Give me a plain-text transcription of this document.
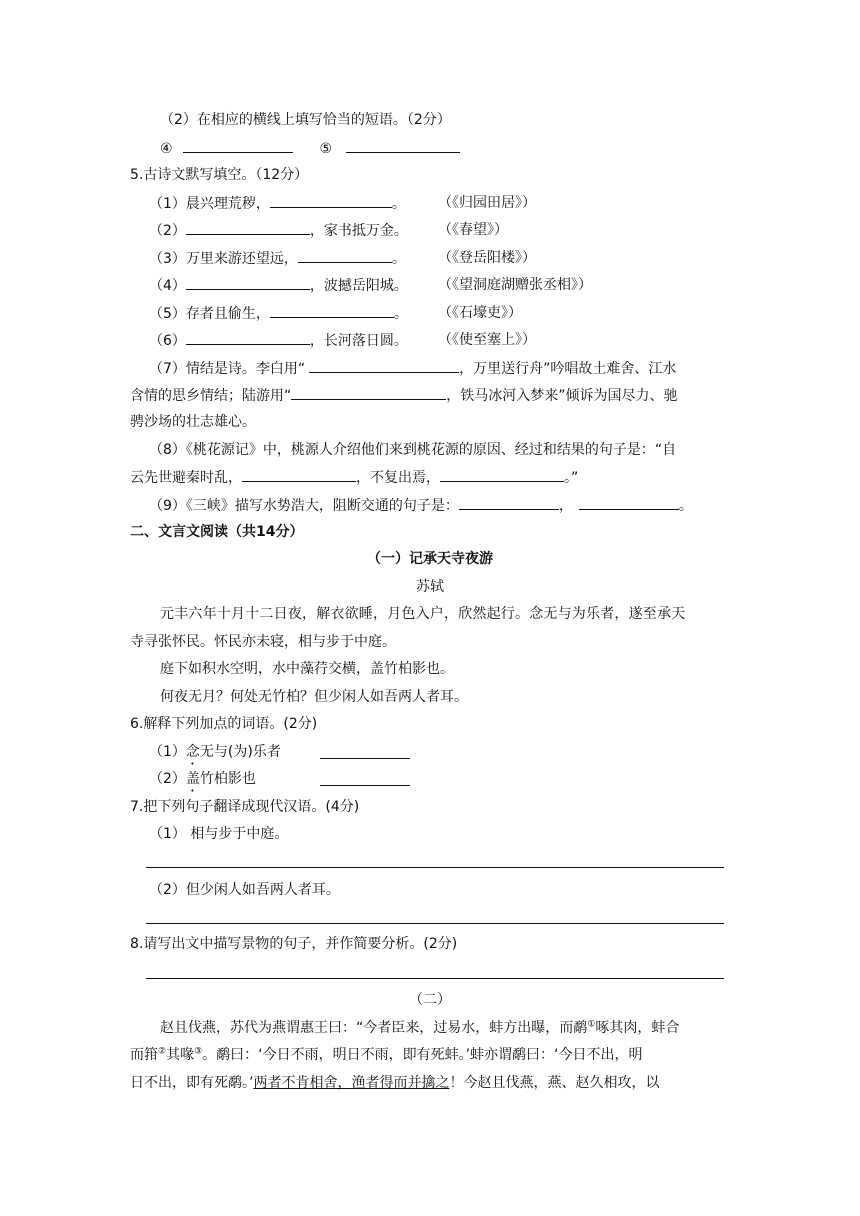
（2）在相应的横线上填写恰当的短语。（2分）
④	⑤
5.古诗文默写填空。（12分）
（1）晨兴理荒秽，	。 （《归园田居》）
（2）	，家书抵万金。 （《春望》）
（3）万里来游还望远，	。 （《登岳阳楼》）
（4）	，波撼岳阳城。 （《望洞庭湖赠张丞相》）
（5）存者且偷生，	。 （《石壕吏》）
（6）	，长河落日圆。 （《使至塞上》）
（7）情结是诗。李白用“	，万里送行舟”吟唱故土难舍、江水
含情的思乡情结；陆游用“	，铁马冰河入梦来”倾诉为国尽力、驰
骋沙场的壮志雄心。
（8）《桃花源记》中，桃源人介绍他们来到桃花源的原因、经过和结果的句子是：“自
云先世避秦时乱，	，不复出焉，	。”
（9）《三峡》描写水势浩大，阻断交通的句子是：	，	。
二、文言文阅读（共14分）
（一）记承天寺夜游
苏轼
元丰六年十月十二日夜，解衣欲睡，月色入户，欣然起行。念无与为乐者，遂至承天
寺寻张怀民。怀民亦未寝，相与步于中庭。
庭下如积水空明，水中藻荇交横，盖竹柏影也。
何夜无月？何处无竹柏？但少闲人如吾两人者耳。
6.解释下列加点的词语。(2分)
（1）念无与(为)乐者
（2）盖竹柏影也
7.把下列句子翻译成现代汉语。(4分)
（1） 相与步于中庭。
（2）但少闲人如吾两人者耳。
8.请写出文中描写景物的句子，并作简要分析。(2分)
（二）
赵且伐燕，苏代为燕谓惠王曰：“今者臣来，过易水，蚌方出曝，而鹬①啄其肉，蚌合
而箝②其喙③。鹬曰：‘今日不雨，明日不雨，即有死蚌。’蚌亦谓鹬曰：‘今日不出，明
日不出，即有死鹬。’两者不肯相舍，渔者得而并擒之！今赵且伐燕，燕、赵久相攻，以
